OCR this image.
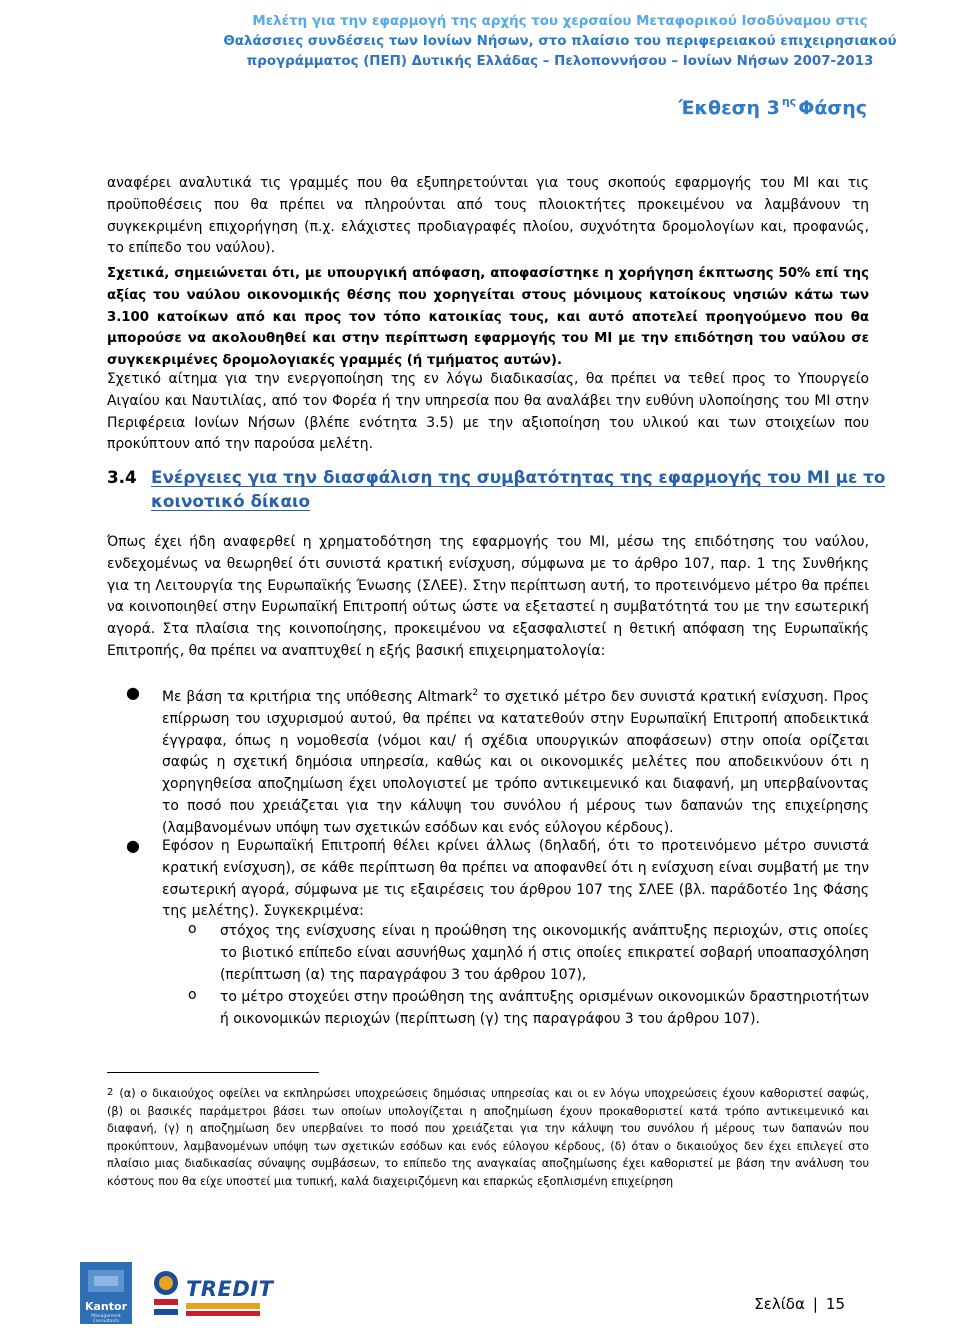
Μελέτη για την εφαρμογή της αρχής του χερσαίου Μεταφορικού Ισοδύναμου στις
Θαλάσσιες συνδέσεις των Ιονίων Νήσων, στο πλαίσιο του περιφερειακού επιχειρησιακού
προγράμματος (ΠΕΠ) Δυτικής Ελλάδας – Πελοποννήσου – Ιονίων Νήσων 2007-2013
Έκθεση 3 $^{\eta\varsigma}$ Φάσης

αναφέρει αναλυτικά τις γραμμές που θα εξυπηρετούνται για τους σκοπούς εφαρμογής του ΜΙ και τις προϋποθέσεις που θα πρέπει να πληρούνται από τους πλοιοκτήτες προκειμένου να λαμβάνουν τη συγκεκριμένη επιχορήγηση (π.χ. ελάχιστες προδιαγραφές πλοίου, συχνότητα δρομολογίων και, προφανώς, το επίπεδο του ναύλου).

Σχετικά, σημειώνεται ότι, με υπουργική απόφαση, αποφασίστηκε η χορήγηση έκπτωσης 50% επί της αξίας του ναύλου οικονομικής θέσης που χορηγείται στους μόνιμους κατοίκους νησιών κάτω των 3.100 κατοίκων από και προς τον τόπο κατοικίας τους, και αυτό αποτελεί προηγούμενο που θα μπορούσε να ακολουθηθεί και στην περίπτωση εφαρμογής του ΜΙ με την επιδότηση του ναύλου σε συγκεκριμένες δρομολογιακές γραμμές (ή τμήματος αυτών).

Σχετικό αίτημα για την ενεργοποίηση της εν λόγω διαδικασίας, θα πρέπει να τεθεί προς το Υπουργείο Αιγαίου και Ναυτιλίας, από τον Φορέα ή την υπηρεσία που θα αναλάβει την ευθύνη υλοποίησης του ΜΙ στην Περιφέρεια Ιονίων Νήσων (βλέπε ενότητα 3.5) με την αξιοποίηση του υλικού και των στοιχείων που προκύπτουν από την παρούσα μελέτη.

3.4 Ενέργειες για την διασφάλιση της συμβατότητας της εφαρμογής του ΜΙ με το
κοινοτικό δίκαιο

Όπως έχει ήδη αναφερθεί η χρηματοδότηση της εφαρμογής του ΜΙ, μέσω της επιδότησης του ναύλου, ενδεχομένως να θεωρηθεί ότι συνιστά κρατική ενίσχυση, σύμφωνα με το άρθρο 107, παρ. 1 της Συνθήκης για τη Λειτουργία της Ευρωπαϊκής Ένωσης (ΣΛΕΕ). Στην περίπτωση αυτή, το προτεινόμενο μέτρο θα πρέπει να κοινοποιηθεί στην Ευρωπαϊκή Επιτροπή ούτως ώστε να εξεταστεί η συμβατότητά του με την εσωτερική αγορά. Στα πλαίσια της κοινοποίησης, προκειμένου να εξασφαλιστεί η θετική απόφαση της Ευρωπαϊκής Επιτροπής, θα πρέπει να αναπτυχθεί η εξής βασική επιχειρηματολογία:

● Με βάση τα κριτήρια της υπόθεσης Altmark$^2$ το σχετικό μέτρο δεν συνιστά κρατική ενίσχυση. Προς επίρρωση του ισχυρισμού αυτού, θα πρέπει να κατατεθούν στην Ευρωπαϊκή Επιτροπή αποδεικτικά έγγραφα, όπως η νομοθεσία (νόμοι και/ ή σχέδια υπουργικών αποφάσεων) στην οποία ορίζεται σαφώς η σχετική δημόσια υπηρεσία, καθώς και οι οικονομικές μελέτες που αποδεικνύουν ότι η χορηγηθείσα αποζημίωση έχει υπολογιστεί με τρόπο αντικειμενικό και διαφανή, μη υπερβαίνοντας το ποσό που χρειάζεται για την κάλυψη του συνόλου ή μέρους των δαπανών της επιχείρησης (λαμβανομένων υπόψη των σχετικών εσόδων και ενός εύλογου κέρδους).

● Εφόσον η Ευρωπαϊκή Επιτροπή θέλει κρίνει άλλως (δηλαδή, ότι το προτεινόμενο μέτρο συνιστά κρατική ενίσχυση), σε κάθε περίπτωση θα πρέπει να αποφανθεί ότι η ενίσχυση είναι συμβατή με την εσωτερική αγορά, σύμφωνα με τις εξαιρέσεις του άρθρου 107 της ΣΛΕΕ (βλ. παράδοτέο 1ης Φάσης της μελέτης). Συγκεκριμένα:

o στόχος της ενίσχυσης είναι η προώθηση της οικονομικής ανάπτυξης περιοχών, στις οποίες το βιοτικό επίπεδο είναι ασυνήθως χαμηλό ή στις οποίες επικρατεί σοβαρή υποαπασχόληση (περίπτωση (α) της παραγράφου 3 του άρθρου 107),

o το μέτρο στοχεύει στην προώθηση της ανάπτυξης ορισμένων οικονομικών δραστηριοτήτων ή οικονομικών περιοχών (περίπτωση (γ) της παραγράφου 3 του άρθρου 107).

$^2$ (α) ο δικαιούχος οφείλει να εκπληρώσει υποχρεώσεις δημόσιας υπηρεσίας και οι εν λόγω υποχρεώσεις έχουν καθοριστεί σαφώς, (β) οι βασικές παράμετροι βάσει των οποίων υπολογίζεται η αποζημίωση έχουν προκαθοριστεί κατά τρόπο αντικειμενικό και διαφανή, (γ) η αποζημίωση δεν υπερβαίνει το ποσό που χρειάζεται για την κάλυψη του συνόλου ή μέρους των δαπανών που προκύπτουν, λαμβανομένων υπόψη των σχετικών εσόδων και ενός εύλογου κέρδους, (δ) όταν ο δικαιούχος δεν έχει επιλεγεί στο πλαίσιο μιας διαδικασίας σύναψης συμβάσεων, το επίπεδο της αναγκαίας αποζημίωσης έχει καθοριστεί με βάση την ανάλυση του κόστους που θα είχε υποστεί μια τυπική, καλά διαχειριζόμενη και επαρκώς εξοπλισμένη επιχείρηση

Kantor
Management Consultants
TREDIT
Σελίδα | 15
